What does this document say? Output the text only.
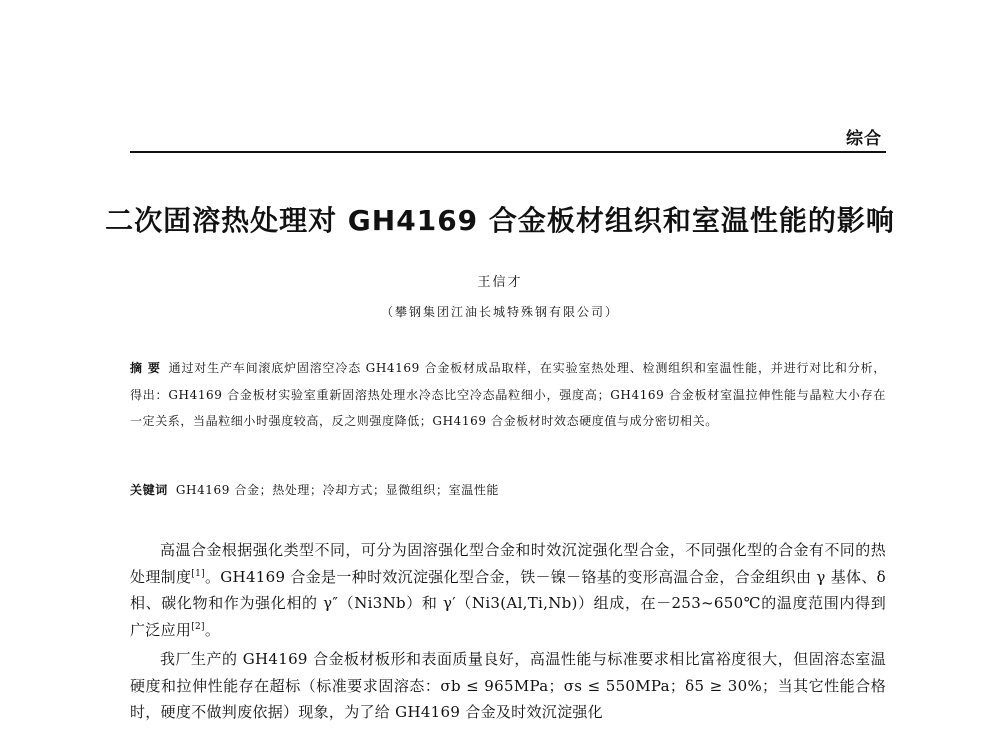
综合
二次固溶热处理对 GH4169 合金板材组织和室温性能的影响
王信才
（攀钢集团江油长城特殊钢有限公司）
摘 要 通过对生产车间滚底炉固溶空冷态 GH4169 合金板材成品取样，在实验室热处理、检测组织和室温性能，并进行对比和分析，得出：GH4169 合金板材实验室重新固溶热处理水冷态比空冷态晶粒细小，强度高；GH4169 合金板材室温拉伸性能与晶粒大小存在一定关系，当晶粒细小时强度较高，反之则强度降低；GH4169 合金板材时效态硬度值与成分密切相关。
关键词 GH4169 合金；热处理；冷却方式；显微组织；室温性能

高温合金根据强化类型不同，可分为固溶强化型合金和时效沉淀强化型合金，不同强化型的合金有不同的热处理制度[1]。GH4169 合金是一种时效沉淀强化型合金，铁－镍－铬基的变形高温合金，合金组织由 γ 基体、δ 相、碳化物和作为强化相的 γ″（Ni3Nb）和 γ′（Ni3(Al,Ti,Nb)）组成，在－253~650℃的温度范围内得到广泛应用[2]。

我厂生产的 GH4169 合金板材板形和表面质量良好，高温性能与标准要求相比富裕度很大，但固溶态室温硬度和拉伸性能存在超标（标准要求固溶态：σb ≤ 965MPa；σs ≤ 550MPa；δ5 ≥ 30%；当其它性能合格时，硬度不做判废依据）现象，为了给 GH4169 合金及时效沉淀强化
